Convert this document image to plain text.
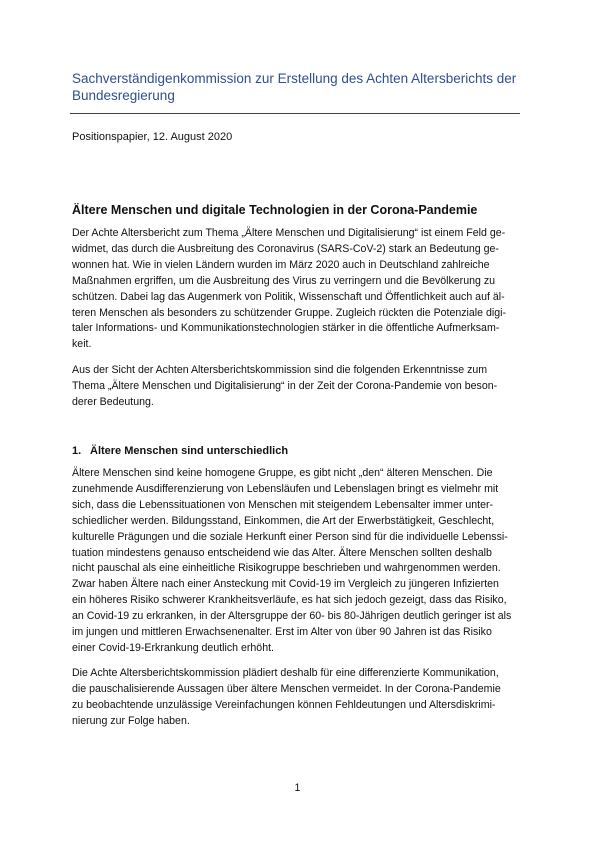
Sachverständigenkommission zur Erstellung des Achten Altersberichts der Bundesregierung
Positionspapier, 12. August 2020
Ältere Menschen und digitale Technologien in der Corona-Pandemie
Der Achte Altersbericht zum Thema „Ältere Menschen und Digitalisierung“ ist einem Feld ge-
widmet, das durch die Ausbreitung des Coronavirus (SARS-CoV-2) stark an Bedeutung ge-
wonnen hat. Wie in vielen Ländern wurden im März 2020 auch in Deutschland zahlreiche
Maßnahmen ergriffen, um die Ausbreitung des Virus zu verringern und die Bevölkerung zu
schützen. Dabei lag das Augenmerk von Politik, Wissenschaft und Öffentlichkeit auch auf äl-
teren Menschen als besonders zu schützender Gruppe. Zugleich rückten die Potenziale digi-
taler Informations- und Kommunikationstechnologien stärker in die öffentliche Aufmerksam-
keit.
Aus der Sicht der Achten Altersberichtskommission sind die folgenden Erkenntnisse zum
Thema „Ältere Menschen und Digitalisierung“ in der Zeit der Corona-Pandemie von beson-
derer Bedeutung.
1. Ältere Menschen sind unterschiedlich
Ältere Menschen sind keine homogene Gruppe, es gibt nicht „den“ älteren Menschen. Die
zunehmende Ausdifferenzierung von Lebensläufen und Lebenslagen bringt es vielmehr mit
sich, dass die Lebenssituationen von Menschen mit steigendem Lebensalter immer unter-
schiedlicher werden. Bildungsstand, Einkommen, die Art der Erwerbstätigkeit, Geschlecht,
kulturelle Prägungen und die soziale Herkunft einer Person sind für die individuelle Lebenssi-
tuation mindestens genauso entscheidend wie das Alter. Ältere Menschen sollten deshalb
nicht pauschal als eine einheitliche Risikogruppe beschrieben und wahrgenommen werden.
Zwar haben Ältere nach einer Ansteckung mit Covid-19 im Vergleich zu jüngeren Infizierten
ein höheres Risiko schwerer Krankheitsverläufe, es hat sich jedoch gezeigt, dass das Risiko,
an Covid-19 zu erkranken, in der Altersgruppe der 60- bis 80-Jährigen deutlich geringer ist als
im jungen und mittleren Erwachsenenalter. Erst im Alter von über 90 Jahren ist das Risiko
einer Covid-19-Erkrankung deutlich erhöht.
Die Achte Altersberichtskommission plädiert deshalb für eine differenzierte Kommunikation,
die pauschalisierende Aussagen über ältere Menschen vermeidet. In der Corona-Pandemie
zu beobachtende unzulässige Vereinfachungen können Fehldeutungen und Altersdiskrimi-
nierung zur Folge haben.
1
